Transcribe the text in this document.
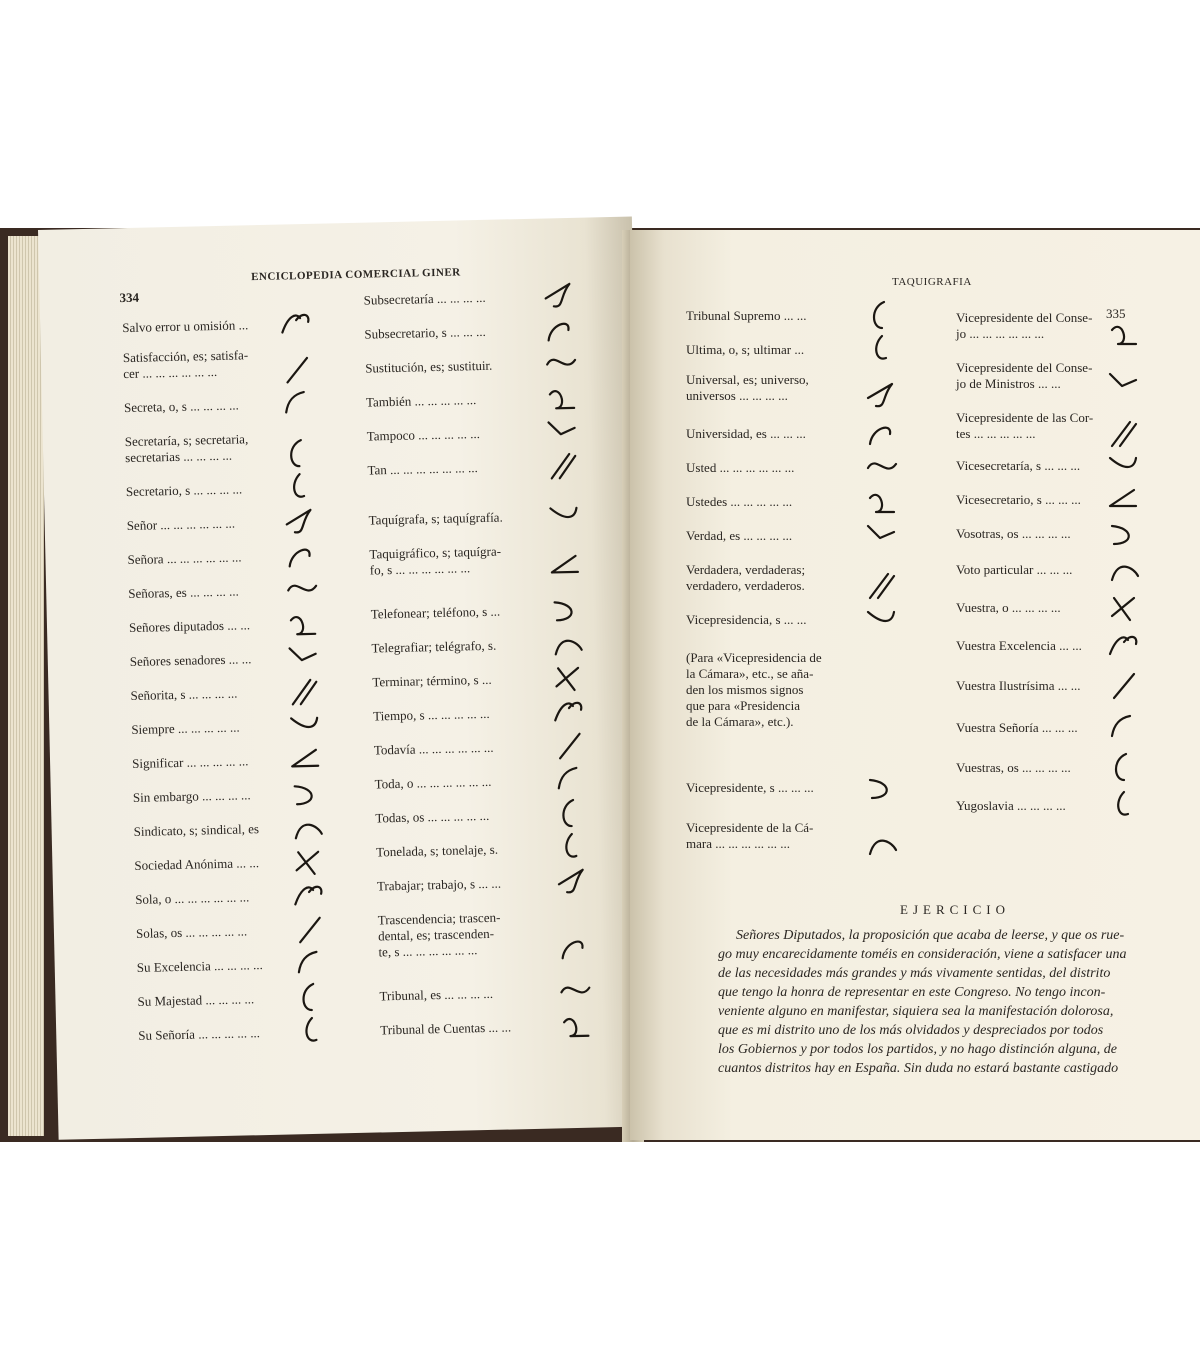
334
ENCICLOPEDIA COMERCIAL GINER
Salvo error u omisión ...
Satisfacción, es; satisfa-
cer ... ... ... ... ... ...
Secreta, o, s ... ... ... ...
Secretaría, s; secretaria,
secretarias ... ... ... ...
Secretario, s ... ... ... ...
Señor ... ... ... ... ... ...
Señora ... ... ... ... ... ...
Señoras, es ... ... ... ...
Señores diputados ... ...
Señores senadores ... ...
Señorita, s ... ... ... ...
Siempre ... ... ... ... ...
Significar ... ... ... ... ...
Sin embargo ... ... ... ...
Sindicato, s; sindical, es
Sociedad Anónima ... ...
Sola, o ... ... ... ... ... ...
Solas, os ... ... ... ... ...
Su Excelencia ... ... ... ...
Su Majestad ... ... ... ...
Su Señoría ... ... ... ... ...
Subsecretaría ... ... ... ...
Subsecretario, s ... ... ...
Sustitución, es; sustituir.
También ... ... ... ... ...
Tampoco ... ... ... ... ...
Tan ... ... ... ... ... ... ...
Taquígrafa, s; taquígrafía.
Taquigráfico, s; taquígra-
fo, s ... ... ... ... ... ...
Telefonear; teléfono, s ...
Telegrafiar; telégrafo, s.
Terminar; término, s ...
Tiempo, s ... ... ... ... ...
Todavía ... ... ... ... ... ...
Toda, o ... ... ... ... ... ...
Todas, os ... ... ... ... ...
Tonelada, s; tonelaje, s.
Trabajar; trabajo, s ... ...
Trascendencia; trascen-
dental, es; trascenden-
te, s ... ... ... ... ... ...
Tribunal, es ... ... ... ...
Tribunal de Cuentas ... ...
TAQUIGRAFIA
335
Tribunal Supremo ... ...
Ultima, o, s; ultimar ...
Universal, es; universo,
universos ... ... ... ...
Universidad, es ... ... ...
Usted ... ... ... ... ... ...
Ustedes ... ... ... ... ...
Verdad, es ... ... ... ...
Verdadera, verdaderas;
verdadero, verdaderos.
Vicepresidencia, s ... ...
(Para «Vicepresidencia de
la Cámara», etc., se aña-
den los mismos signos
que para «Presidencia
de la Cámara», etc.).
Vicepresidente, s ... ... ...
Vicepresidente de la Cá-
mara ... ... ... ... ... ...
Vicepresidente del Conse-
jo ... ... ... ... ... ...
Vicepresidente del Conse-
jo de Ministros ... ...
Vicepresidente de las Cor-
tes ... ... ... ... ...
Vicesecretaría, s ... ... ...
Vicesecretario, s ... ... ...
Vosotras, os ... ... ... ...
Voto particular ... ... ...
Vuestra, o ... ... ... ...
Vuestra Excelencia ... ...
Vuestra Ilustrísima ... ...
Vuestra Señoría ... ... ...
Vuestras, os ... ... ... ...
Yugoslavia ... ... ... ...
EJERCICIO
Señores Diputados, la proposición que acaba de leerse, y que os rue-
go muy encarecidamente toméis en consideración, viene a satisfacer una
de las necesidades más grandes y más vivamente sentidas, del distrito
que tengo la honra de representar en este Congreso. No tengo incon-
veniente alguno en manifestar, siquiera sea la manifestación dolorosa,
que es mi distrito uno de los más olvidados y despreciados por todos
los Gobiernos y por todos los partidos, y no hago distinción alguna, de
cuantos distritos hay en España. Sin duda no estará bastante castigado
